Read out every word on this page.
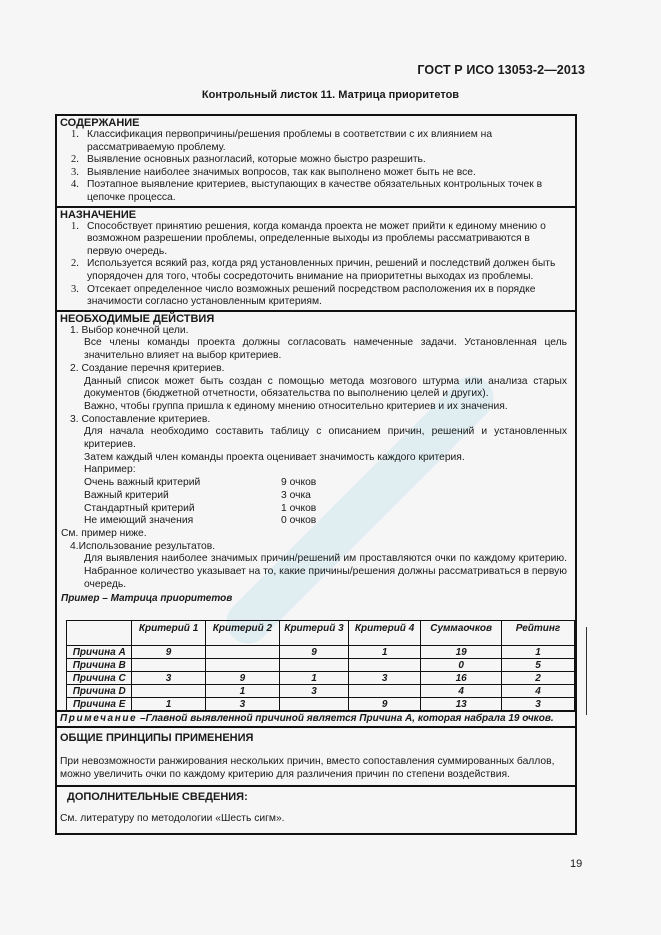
ГОСТ Р ИСО 13053-2—2013
Контрольный листок 11. Матрица приоритетов
СОДЕРЖАНИЕ
1. Классификация первопричины/решения проблемы в соответствии с их влиянием на рассматриваемую проблему.
2. Выявление основных разногласий, которые можно быстро разрешить.
3. Выявление наиболее значимых вопросов, так как выполнено может быть не все.
4. Поэтапное выявление критериев, выступающих в качестве обязательных контрольных точек в цепочке процесса.
НАЗНАЧЕНИЕ
1. Способствует принятию решения, когда команда проекта не может прийти к единому мнению о возможном разрешении проблемы, определенные выходы из проблемы рассматриваются в первую очередь.
2. Используется всякий раз, когда ряд установленных причин, решений и последствий должен быть упорядочен для того, чтобы сосредоточить внимание на приоритетны выходах из проблемы.
3. Отсекает определенное число возможных решений посредством расположения их в порядке значимости согласно установленным критериям.
НЕОБХОДИМЫЕ ДЕЙСТВИЯ
1. Выбор конечной цели.
Все члены команды проекта должны согласовать намеченные задачи. Установленная цель значительно влияет на выбор критериев.
2. Создание перечня критериев.
Данный список может быть создан с помощью метода мозгового штурма или анализа старых документов (бюджетной отчетности, обязательства по выполнению целей и других).
Важно, чтобы группа пришла к единому мнению относительно критериев и их значения.
3. Сопоставление критериев.
Для начала необходимо составить таблицу с описанием причин, решений и установленных критериев.
Затем каждый член команды проекта оценивает значимость каждого критерия.
Например:
Очень важный критерий	9 очков
Важный критерий	3 очка
Стандартный критерий	1 очков
Не имеющий значения	0 очков
См. пример ниже.
4.Использование результатов.
Для выявления наиболее значимых причин/решений им проставляются очки по каждому критерию. Набранное количество указывает на то, какие причины/решения должны рассматриваться в первую очередь.
Пример – Матрица приоритетов
	Критерий 1	Критерий 2	Критерий 3	Критерий 4	Суммаочков	Рейтинг
Причина A	9		9	1	19	1
Причина B					0	5
Причина C	3	9	1	3	16	2
Причина D		1	3		4	4
Причина E	1	3		9	13	3
Примечание –Главной выявленной причиной является Причина А, которая набрала 19 очков.
ОБЩИЕ ПРИНЦИПЫ ПРИМЕНЕНИЯ
При невозможности ранжирования нескольких причин, вместо сопоставления суммированных баллов, можно увеличить очки по каждому критерию для различения причин по степени воздействия.
ДОПОЛНИТЕЛЬНЫЕ СВЕДЕНИЯ:
См. литературу по методологии «Шесть сигм».
19
